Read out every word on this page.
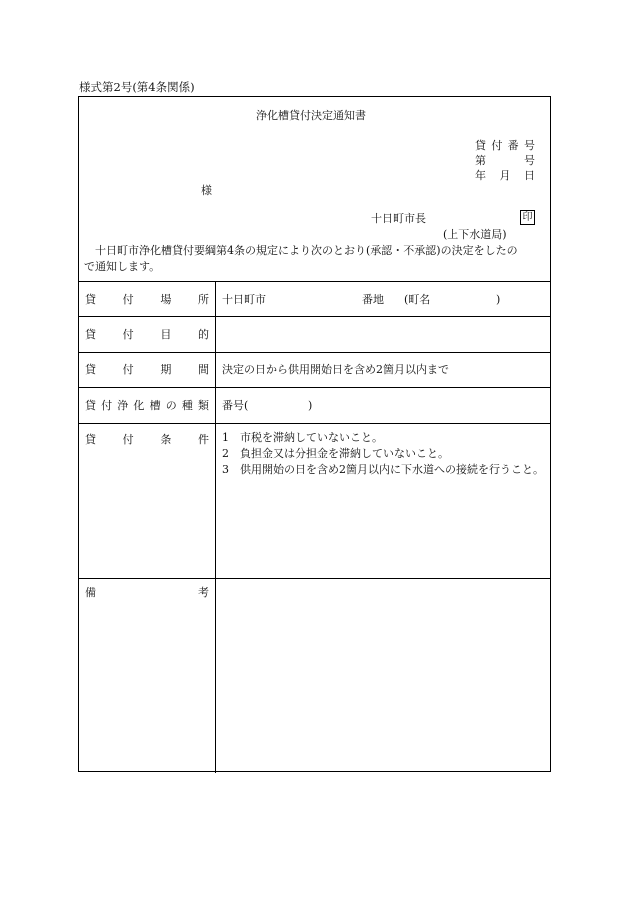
様式第2号(第4条関係)
浄化槽貸付決定通知書
貸 付 番 号
第	号
年 月 日
様
十日町市長	印
(上下水道局)
十日町市浄化槽貸付要綱第4条の規定により次のとおり(承認・不承認)の決定をしたの
で通知します。
貸 付 場 所 十日町市	番地 (町名	)
貸 付 目 的
貸 付 期 間 決定の日から供用開始日を含め2箇月以内まで
貸 付 浄 化 槽 の 種 類 番号(	)
貸 付 条 件 1　市税を滞納していないこと。
2　負担金又は分担金を滞納していないこと。
3　供用開始の日を含め2箇月以内に下水道への接続を行うこと。
備	考
